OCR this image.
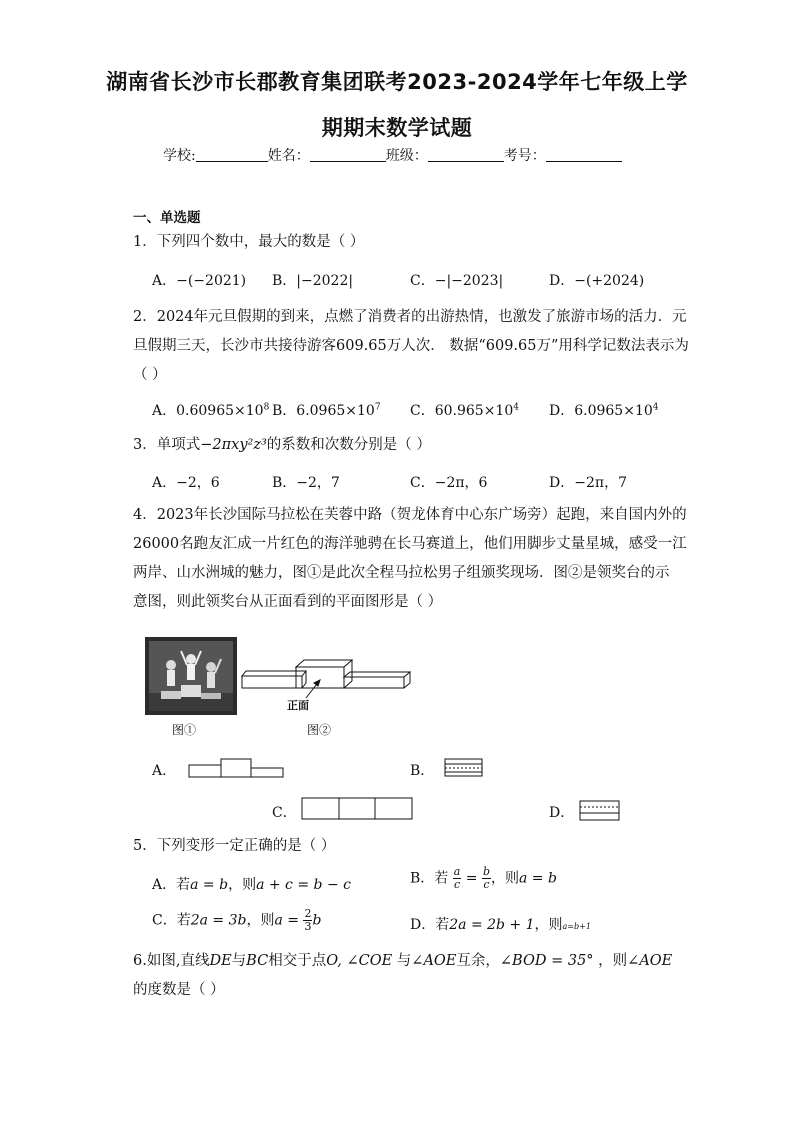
湖南省长沙市长郡教育集团联考2023-2024学年七年级上学
期期末数学试题
学校:	姓名：	班级：	考号：
一、单选题
1．下列四个数中，最大的数是（ ）
A．−(−2021) B．|−2022|	C．−|−2023|	D．−(+2024)
2．2024年元旦假期的到来，点燃了消费者的出游热情，也激发了旅游市场的活力．元
旦假期三天，长沙市共接待游客609.65万人次． 数据“609.65万”用科学记数法表示为
（ ）
A．$0.60965\times 10^8$ B．$6.0965\times 10^7$ C．$60.965\times 10^4$ D．$6.0965\times 10^4$
3．单项式−2πxy²z³的系数和次数分别是（ ）
A．−2，6	B．−2，7	C．−2π，6	D．−2π，7
4．2023年长沙国际马拉松在芙蓉中路（贺龙体育中心东广场旁）起跑，来自国内外的
26000名跑友汇成一片红色的海洋驰骋在长马赛道上，他们用脚步丈量星城，感受一江
两岸、山水洲城的魅力，图①是此次全程马拉松男子组颁奖现场．图②是领奖台的示
意图，则此领奖台从正面看到的平面图形是（ ）
图①
正面
图②
A．	B．
C．	D．
5．下列变形一定正确的是（ ）
A．若a = b，则a + c = b − c	B．若 $\frac{a}{c} = \frac{b}{c}$ ，则a = b
C．若2a = 3b，则$a = \frac{2}{3}$ b	D．若2a = 2b + 1，则a=b+1
6.如图,直线DE与BC相交于点O, ∠COE 与∠AOE互余，∠BOD = 35° ，则∠AOE
的度数是（ ）
